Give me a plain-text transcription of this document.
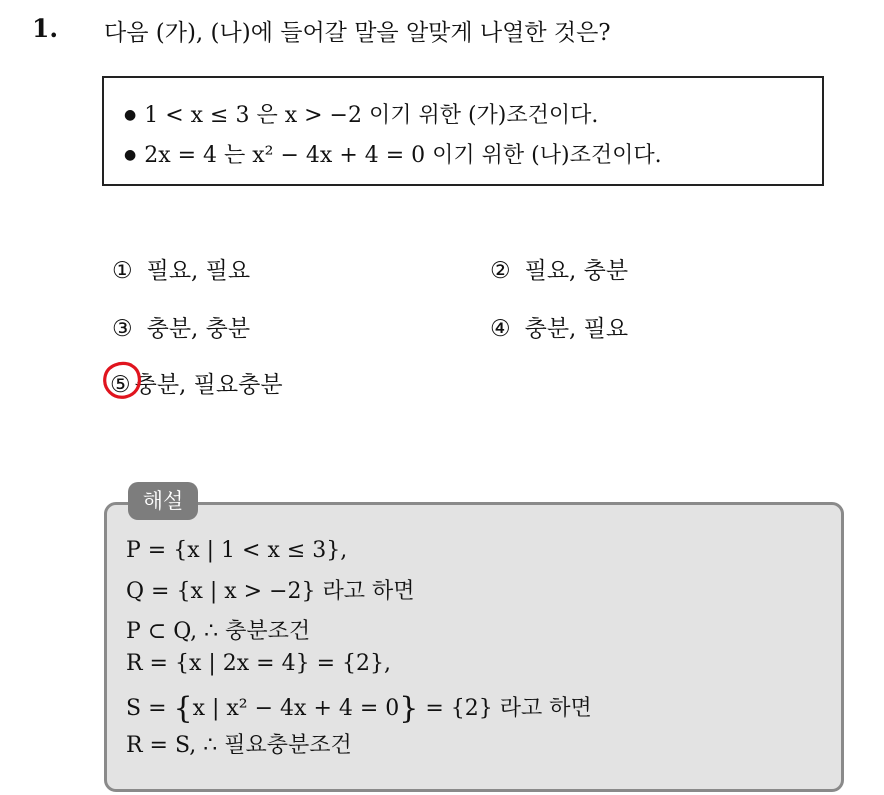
1. 다음 (가), (나)에 들어갈 말을 알맞게 나열한 것은?
● 1 < x ≤ 3 은 x > −2 이기 위한 (가)조건이다.
● 2x = 4 는 x² − 4x + 4 = 0 이기 위한 (나)조건이다.
① 필요, 필요	② 필요, 충분
③ 충분, 충분	④ 충분, 필요
⑤ 충분, 필요충분
해설
P = {x | 1 < x ≤ 3},
Q = {x | x > −2} 라고 하면
P ⊂ Q, ∴ 충분조건
R = {x | 2x = 4} = {2},
S = {x | x² − 4x + 4 = 0} = {2} 라고 하면
R = S, ∴ 필요충분조건
